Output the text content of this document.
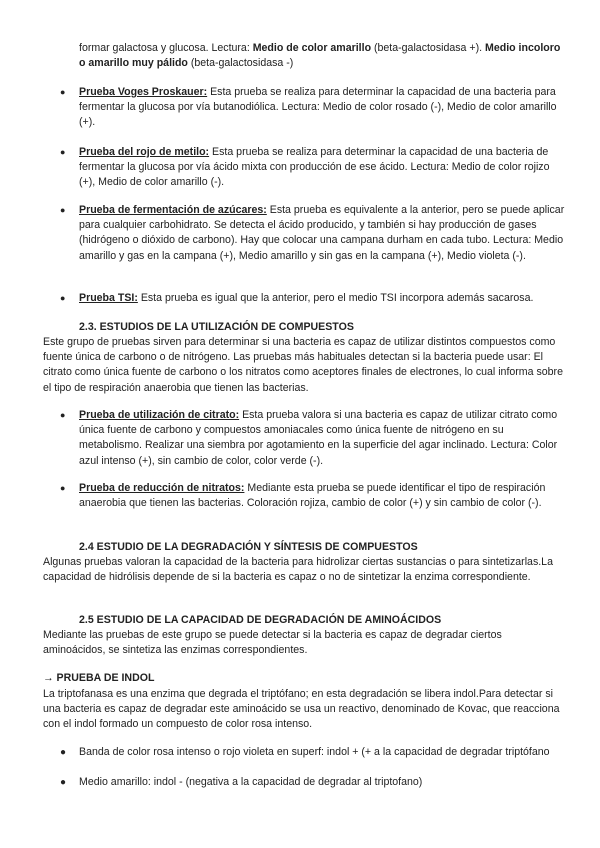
formar galactosa y glucosa. Lectura: Medio de color amarillo (beta-galactosidasa +). Medio incoloro o amarillo muy pálido (beta-galactosidasa -)

● Prueba Voges Proskauer: Esta prueba se realiza para determinar la capacidad de una bacteria para fermentar la glucosa por vía butanodiólica. Lectura: Medio de color rosado (-), Medio de color amarillo (+).

● Prueba del rojo de metilo: Esta prueba se realiza para determinar la capacidad de una bacteria de fermentar la glucosa por vía ácido mixta con producción de ese ácido. Lectura: Medio de color rojizo (+), Medio de color amarillo (-).

● Prueba de fermentación de azúcares: Esta prueba es equivalente a la anterior, pero se puede aplicar para cualquier carbohidrato. Se detecta el ácido producido, y también si hay producción de gases (hidrógeno o dióxido de carbono). Hay que colocar una campana durham en cada tubo. Lectura: Medio amarillo y gas en la campana (+), Medio amarillo y sin gas en la campana (+), Medio violeta (-).

● Prueba TSI: Esta prueba es igual que la anterior, pero el medio TSI incorpora además sacarosa.

2.3. ESTUDIOS DE LA UTILIZACIÓN DE COMPUESTOS

Este grupo de pruebas sirven para determinar si una bacteria es capaz de utilizar distintos compuestos como fuente única de carbono o de nitrógeno. Las pruebas más habituales detectan si la bacteria puede usar: El citrato como única fuente de carbono o los nitratos como aceptores finales de electrones, lo cual informa sobre el tipo de respiración anaerobia que tienen las bacterias.

● Prueba de utilización de citrato: Esta prueba valora si una bacteria es capaz de utilizar citrato como única fuente de carbono y compuestos amoniacales como única fuente de nitrógeno en su metabolismo. Realizar una siembra por agotamiento en la superficie del agar inclinado. Lectura: Color azul intenso (+), sin cambio de color, color verde (-).

● Prueba de reducción de nitratos: Mediante esta prueba se puede identificar el tipo de respiración anaerobia que tienen las bacterias. Coloración rojiza, cambio de color (+) y sin cambio de color (-).

2.4 ESTUDIO DE LA DEGRADACIÓN Y SÍNTESIS DE COMPUESTOS

Algunas pruebas valoran la capacidad de la bacteria para hidrolizar ciertas sustancias o para sintetizarlas.La capacidad de hidrólisis depende de si la bacteria es capaz o no de sintetizar la enzima correspondiente.

2.5 ESTUDIO DE LA CAPACIDAD DE DEGRADACIÓN DE AMINOÁCIDOS

Mediante las pruebas de este grupo se puede detectar si la bacteria es capaz de degradar ciertos aminoácidos, se sintetiza las enzimas correspondientes.

→ PRUEBA DE INDOL

La triptofanasa es una enzima que degrada el triptófano; en esta degradación se libera indol.Para detectar si una bacteria es capaz de degradar este aminoácido se usa un reactivo, denominado de Kovac, que reacciona con el indol formado un compuesto de color rosa intenso.

● Banda de color rosa intenso o rojo violeta en superf: indol + (+ a la capacidad de degradar triptófano

● Medio amarillo: indol - (negativa a la capacidad de degradar al triptofano)
